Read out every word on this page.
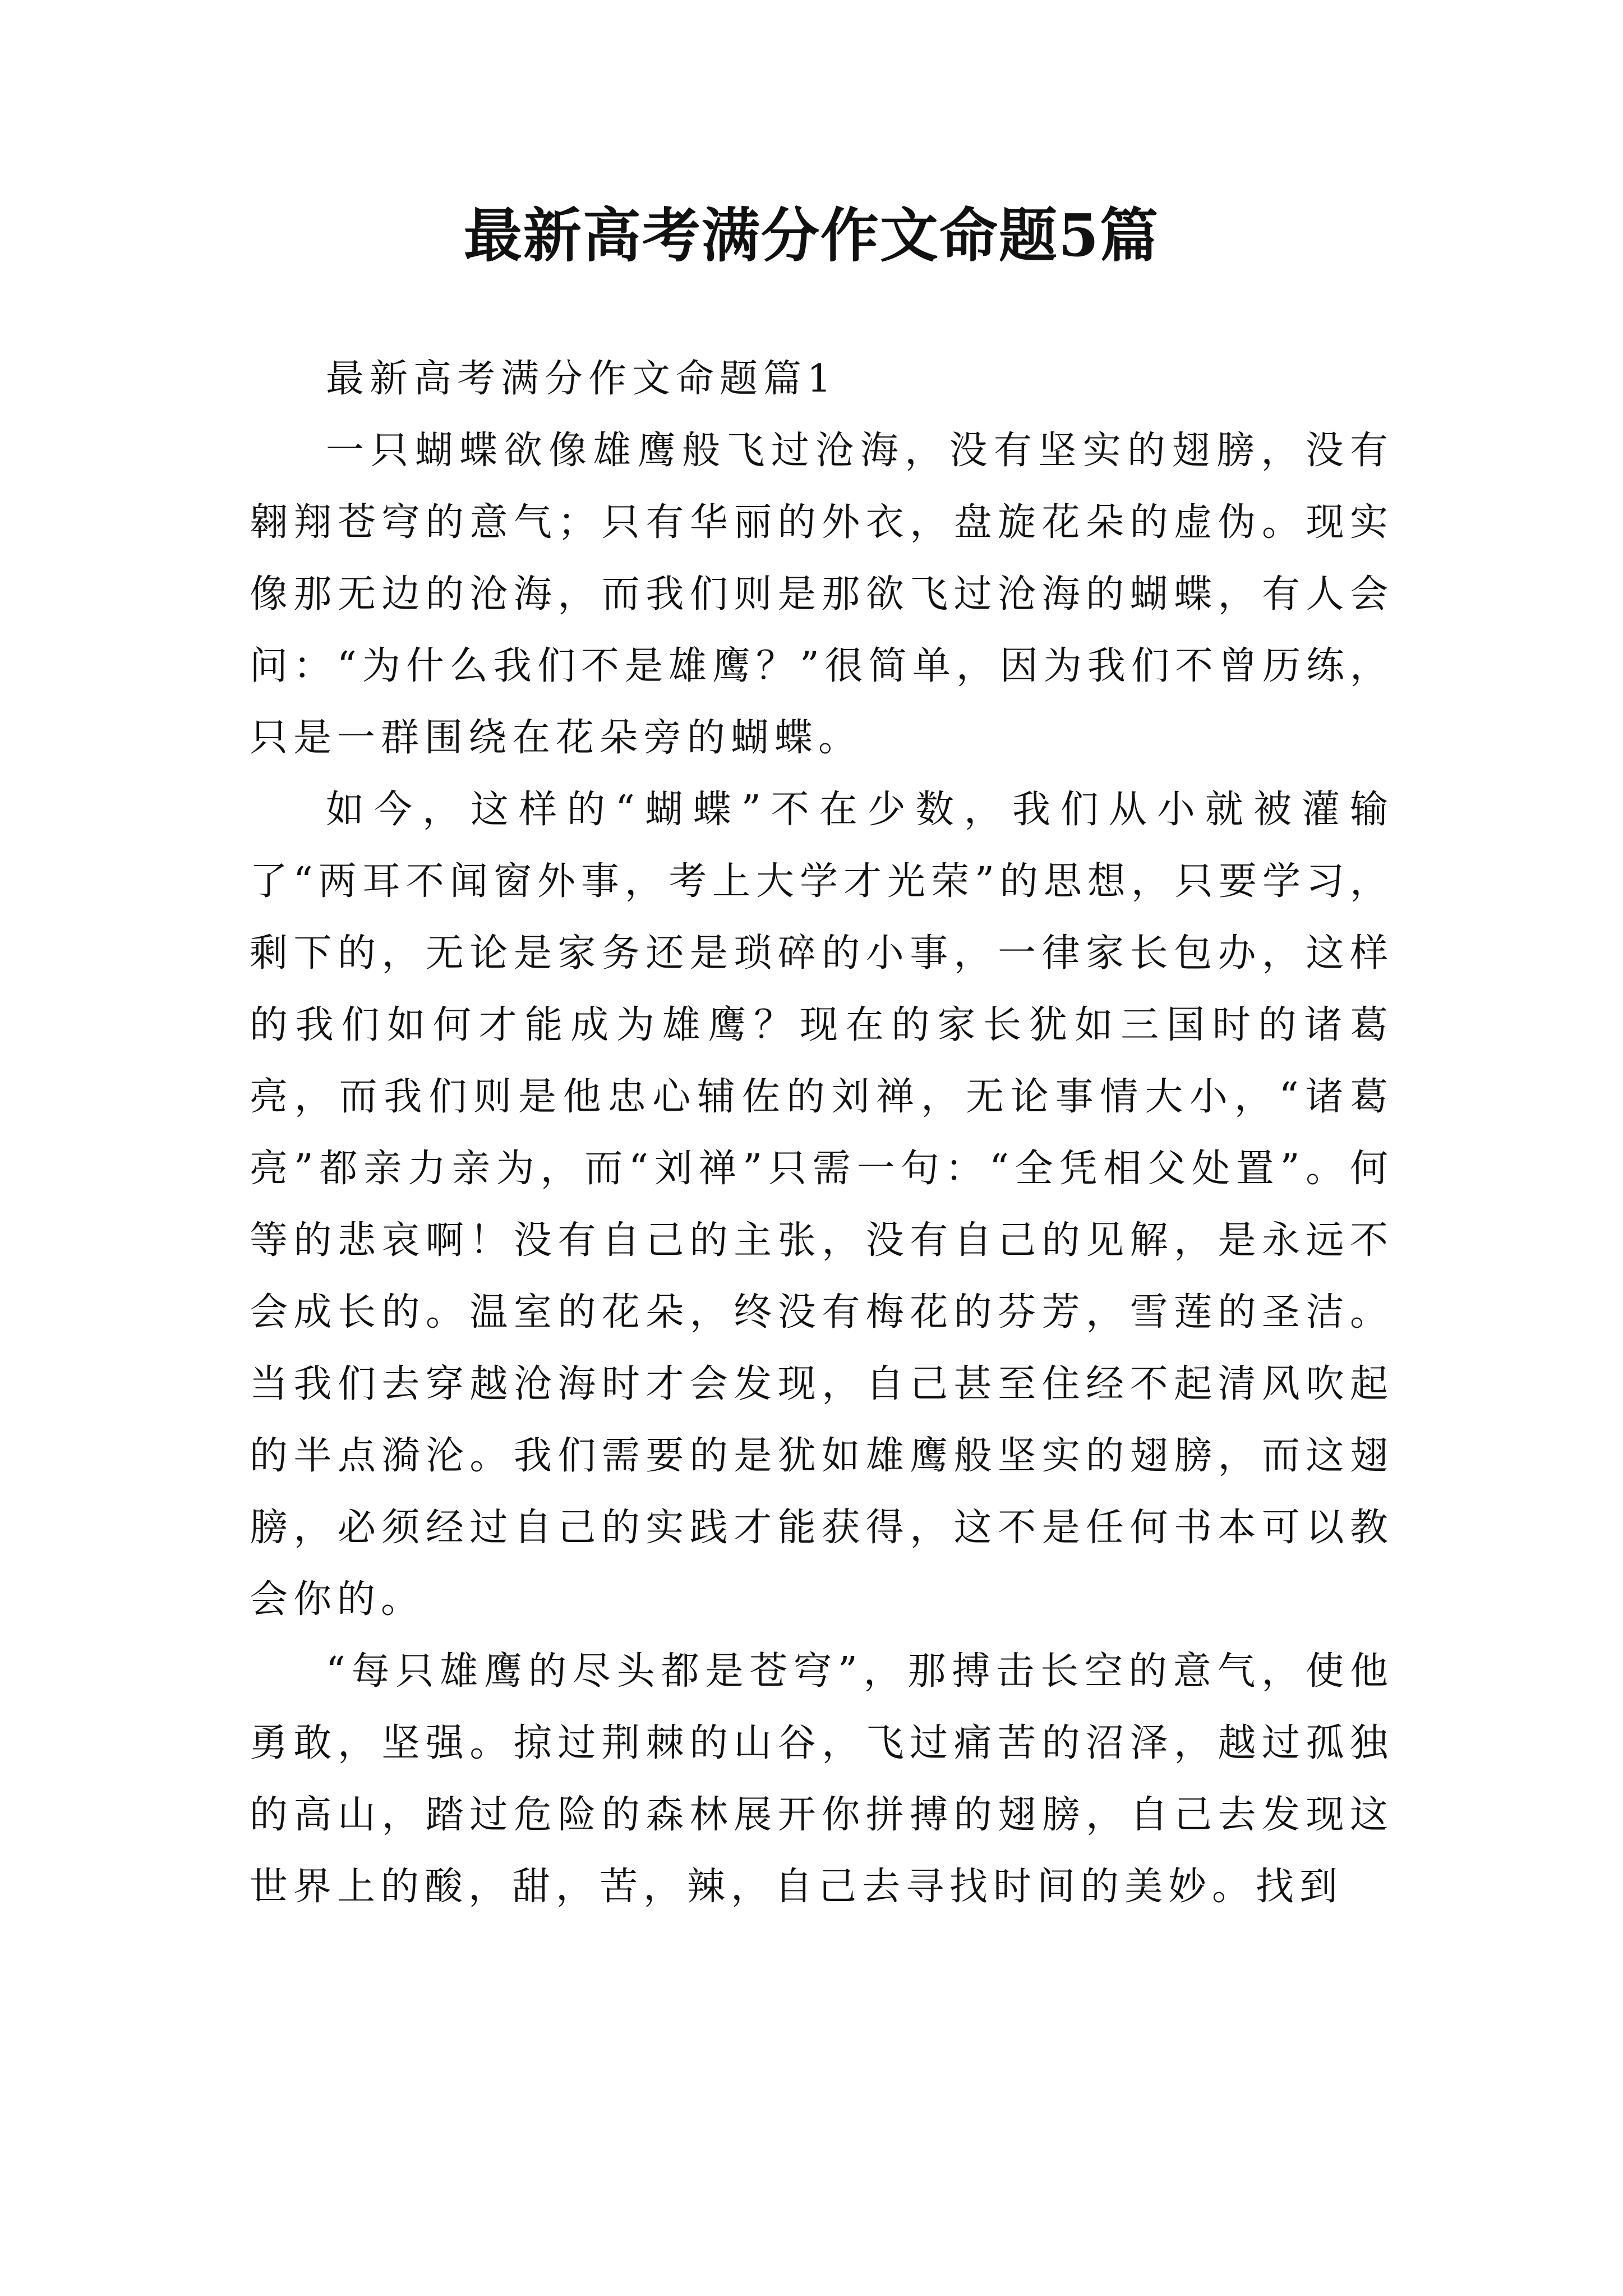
最新高考满分作文命题5篇
最新高考满分作文命题篇1

一只蝴蝶欲像雄鹰般飞过沧海，没有坚实的翅膀，没有翱翔苍穹的意气；只有华丽的外衣，盘旋花朵的虚伪。现实像那无边的沧海，而我们则是那欲飞过沧海的蝴蝶，有人会问：“为什么我们不是雄鹰？”很简单，因为我们不曾历练，只是一群围绕在花朵旁的蝴蝶。

如今，这样的“蝴蝶”不在少数，我们从小就被灌输了“两耳不闻窗外事，考上大学才光荣”的思想，只要学习，剩下的，无论是家务还是琐碎的小事，一律家长包办，这样的我们如何才能成为雄鹰？现在的家长犹如三国时的诸葛亮，而我们则是他忠心辅佐的刘禅，无论事情大小，“诸葛亮”都亲力亲为，而“刘禅”只需一句：“全凭相父处置”。何等的悲哀啊！没有自己的主张，没有自己的见解，是永远不会成长的。温室的花朵，终没有梅花的芬芳，雪莲的圣洁。当我们去穿越沧海时才会发现，自己甚至住经不起清风吹起的半点漪沦。我们需要的是犹如雄鹰般坚实的翅膀，而这翅膀，必须经过自己的实践才能获得，这不是任何书本可以教会你的。

“每只雄鹰的尽头都是苍穹”，那搏击长空的意气，使他勇敢，坚强。掠过荆棘的山谷，飞过痛苦的沼泽，越过孤独的高山，踏过危险的森林展开你拼搏的翅膀，自己去发现这世界上的酸，甜，苦，辣，自己去寻找时间的美妙。找到
